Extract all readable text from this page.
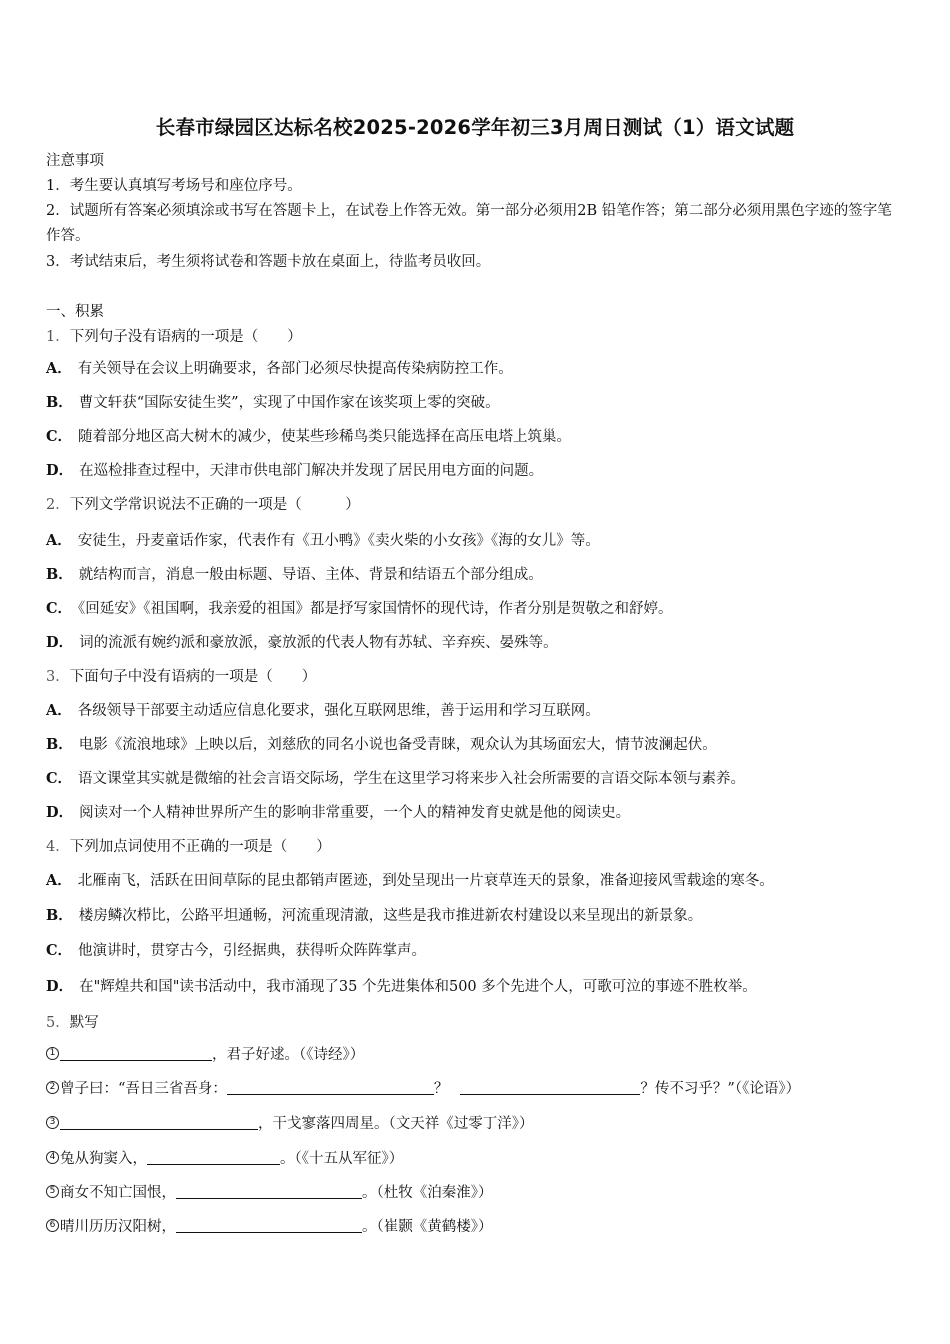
长春市绿园区达标名校2025-2026学年初三3月周日测试（1）语文试题
注意事项
1．考生要认真填写考场号和座位序号。
2．试题所有答案必须填涂或书写在答题卡上，在试卷上作答无效。第一部分必须用2B 铅笔作答；第二部分必须用黑色字迹的签字笔作答。
3．考试结束后，考生须将试卷和答题卡放在桌面上，待监考员收回。
一、积累
1．下列句子没有语病的一项是（　　）
A． 有关领导在会议上明确要求，各部门必须尽快提高传染病防控工作。
B． 曹文轩获“国际安徒生奖”，实现了中国作家在该奖项上零的突破。
C． 随着部分地区高大树木的减少，使某些珍稀鸟类只能选择在高压电塔上筑巢。
D． 在巡检排查过程中，天津市供电部门解决并发现了居民用电方面的问题。
2．下列文学常识说法不正确的一项是（　　　）
A． 安徒生，丹麦童话作家，代表作有《丑小鸭》《卖火柴的小女孩》《海的女儿》等。
B． 就结构而言，消息一般由标题、导语、主体、背景和结语五个部分组成。
C． 《回延安》《祖国啊，我亲爱的祖国》都是抒写家国情怀的现代诗，作者分别是贺敬之和舒婷。
D． 词的流派有婉约派和豪放派，豪放派的代表人物有苏轼、辛弃疾、晏殊等。
3．下面句子中没有语病的一项是（　　）
A． 各级领导干部要主动适应信息化要求，强化互联网思维，善于运用和学习互联网。
B． 电影《流浪地球》上映以后，刘慈欣的同名小说也备受青睐，观众认为其场面宏大，情节波澜起伏。
C． 语文课堂其实就是微缩的社会言语交际场，学生在这里学习将来步入社会所需要的言语交际本领与素养。
D． 阅读对一个人精神世界所产生的影响非常重要，一个人的精神发育史就是他的阅读史。
4．下列加点词使用不正确的一项是（　　）
A． 北雁南飞，活跃在田间草际的昆虫都销声匿迹，到处呈现出一片衰草连天的景象，准备迎接风雪载途的寒冬。
B． 楼房鳞次栉比，公路平坦通畅，河流重现清澈，这些是我市推进新农村建设以来呈现出的新景象。
C． 他演讲时，贯穿古今，引经据典，获得听众阵阵掌声。
D． 在"辉煌共和国"读书活动中，我市涌现了35 个先进集体和500 多个先进个人，可歌可泣的事迹不胜枚举。
5．默写
1	，君子好逑。（《诗经》）
2 曾子曰：“吾日三省吾身：	？	？传不习乎？”（《论语》）
3	，干戈寥落四周星。（文天祥《过零丁洋》）
4 兔从狗窦入，	。（《十五从军征》）
5 商女不知亡国恨，	。（杜牧《泊秦淮》）
6 晴川历历汉阳树，	。（崔颢《黄鹤楼》）
